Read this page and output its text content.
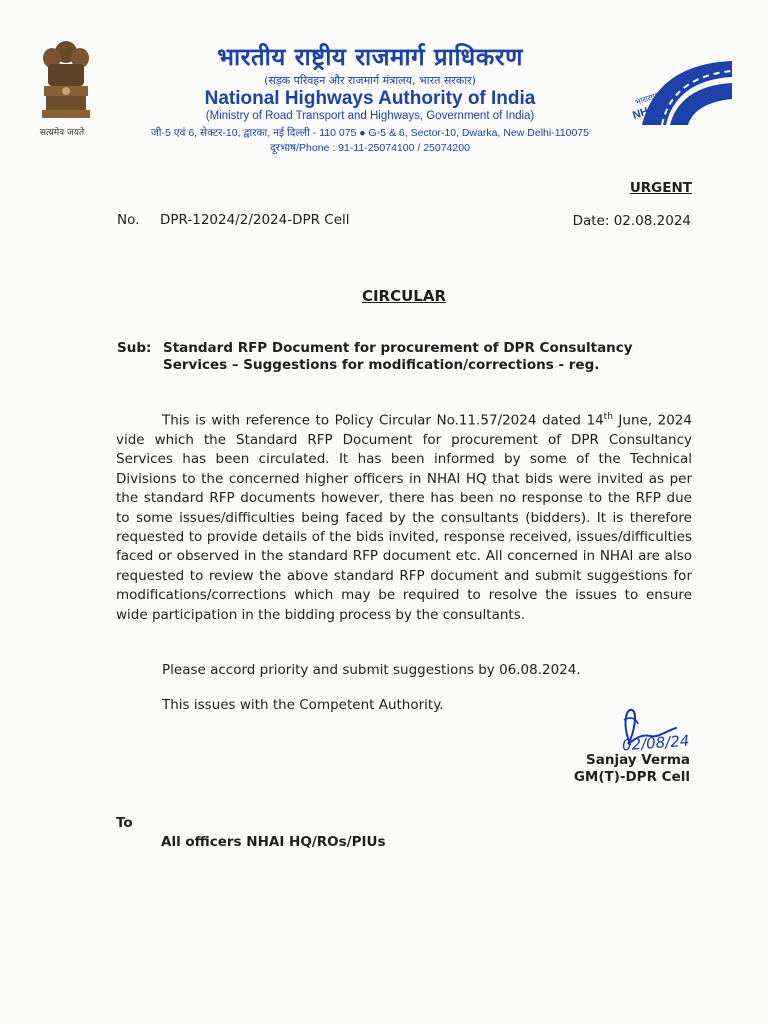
सत्यमेव जयते
भारतीय राष्ट्रीय राजमार्ग प्राधिकरण
(सड़क परिवहन और राजमार्ग मंत्रालय, भारत सरकार)
National Highways Authority of India
(Ministry of Road Transport and Highways, Government of India)
जी-5 एवं 6, सेक्टर-10, द्वारका, नई दिल्ली - 110 075 ● G-5 & 6, Sector-10, Dwarka, New Delhi-110075
दूरभाष/Phone : 91-11-25074100 / 25074200
भाराराप्रा
NHAI
URGENT
No. DPR-12024/2/2024-DPR Cell	Date: 02.08.2024
CIRCULAR
Sub: Standard RFP Document for procurement of DPR Consultancy Services – Suggestions for modification/corrections - reg.
This is with reference to Policy Circular No.11.57/2024 dated 14th June, 2024 vide which the Standard RFP Document for procurement of DPR Consultancy Services has been circulated. It has been informed by some of the Technical Divisions to the concerned higher officers in NHAI HQ that bids were invited as per the standard RFP documents however, there has been no response to the RFP due to some issues/difficulties being faced by the consultants (bidders). It is therefore requested to provide details of the bids invited, response received, issues/difficulties faced or observed in the standard RFP document etc. All concerned in NHAI are also requested to review the above standard RFP document and submit suggestions for modifications/corrections which may be required to resolve the issues to ensure wide participation in the bidding process by the consultants.
Please accord priority and submit suggestions by 06.08.2024.
This issues with the Competent Authority.
02/08/24
Sanjay Verma
GM(T)-DPR Cell
To
All officers NHAI HQ/ROs/PIUs
